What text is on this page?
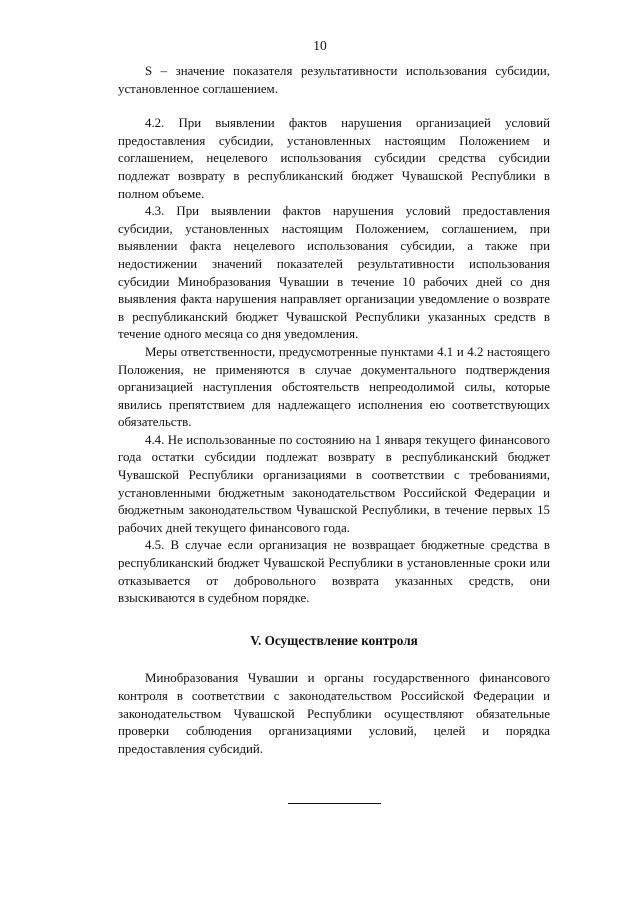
10

S – значение показателя результативности использования субсидии, установленное соглашением.

4.2. При выявлении фактов нарушения организацией условий предоставления субсидии, установленных настоящим Положением и соглашением, нецелевого использования субсидии средства субсидии подлежат возврату в республиканский бюджет Чувашской Республики в полном объеме.

4.3. При выявлении фактов нарушения условий предоставления субсидии, установленных настоящим Положением, соглашением, при выявлении факта нецелевого использования субсидии, а также при недостижении значений показателей результативности использования субсидии Минобразования Чувашии в течение 10 рабочих дней со дня выявления факта нарушения направляет организации уведомление о возврате в республиканский бюджет Чувашской Республики указанных средств в течение одного месяца со дня уведомления.

Меры ответственности, предусмотренные пунктами 4.1 и 4.2 настоящего Положения, не применяются в случае документального подтверждения организацией наступления обстоятельств непреодолимой силы, которые явились препятствием для надлежащего исполнения ею соответствующих обязательств.

4.4. Не использованные по состоянию на 1 января текущего финансового года остатки субсидии подлежат возврату в республиканский бюджет Чувашской Республики организациями в соответствии с требованиями, установленными бюджетным законодательством Российской Федерации и бюджетным законодательством Чувашской Республики, в течение первых 15 рабочих дней текущего финансового года.

4.5. В случае если организация не возвращает бюджетные средства в республиканский бюджет Чувашской Республики в установленные сроки или отказывается от добровольного возврата указанных средств, они взыскиваются в судебном порядке.

V. Осуществление контроля

Минобразования Чувашии и органы государственного финансового контроля в соответствии с законодательством Российской Федерации и законодательством Чувашской Республики осуществляют обязательные проверки соблюдения организациями условий, целей и порядка предоставления субсидий.
